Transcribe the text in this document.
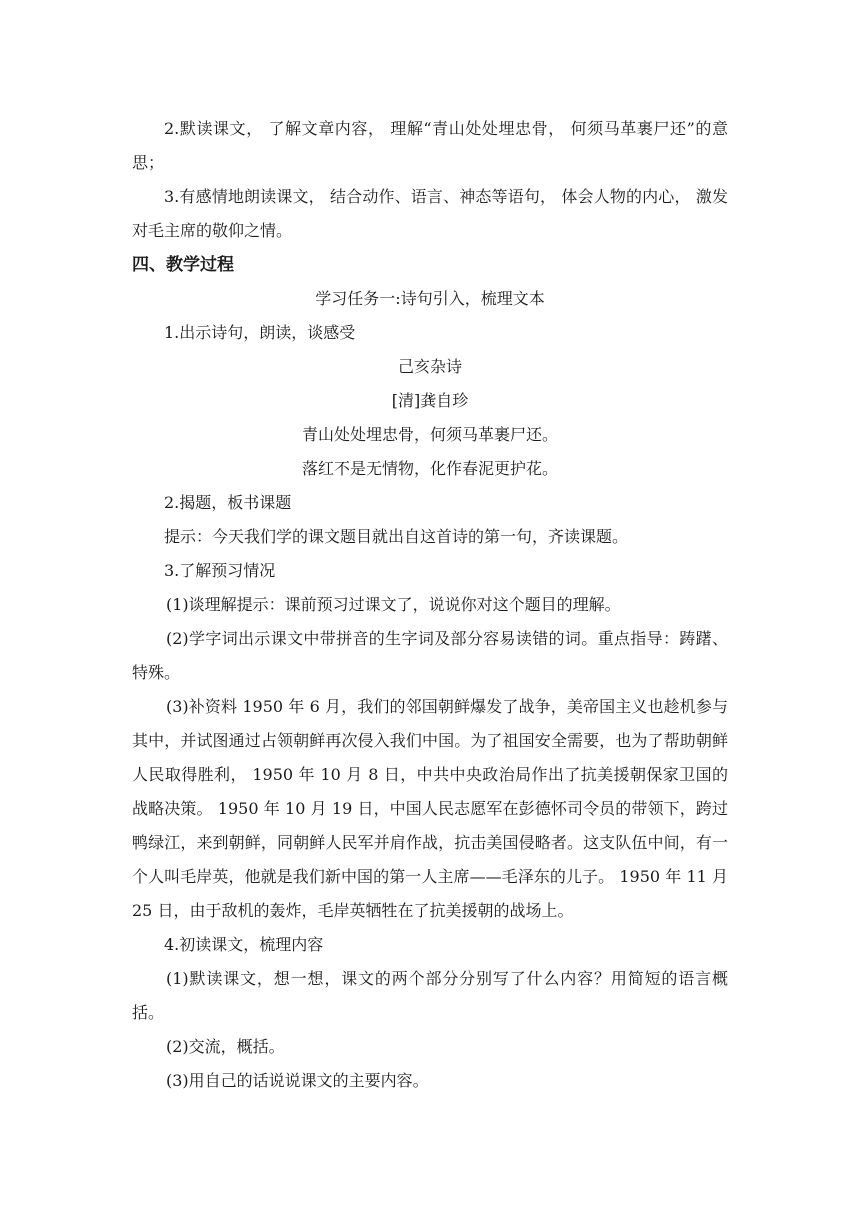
2.默读课文， 了解文章内容， 理解“青山处处埋忠骨， 何须马革裹尸还”的意思；

3.有感情地朗读课文， 结合动作、语言、神态等语句， 体会人物的内心， 激发对毛主席的敬仰之情。

四、教学过程

学习任务一:诗句引入，梳理文本

1.出示诗句，朗读，谈感受

己亥杂诗

[清]龚自珍

青山处处埋忠骨，何须马革裹尸还。

落红不是无情物，化作春泥更护花。

2.揭题，板书课题

提示：今天我们学的课文题目就出自这首诗的第一句，齐读课题。

3.了解预习情况

(1)谈理解提示：课前预习过课文了，说说你对这个题目的理解。

(2)学字词出示课文中带拼音的生字词及部分容易读错的词。重点指导：踌躇、特殊。

(3)补资料 1950 年 6 月，我们的邻国朝鲜爆发了战争，美帝国主义也趁机参与其中，并试图通过占领朝鲜再次侵入我们中国。为了祖国安全需要，也为了帮助朝鲜人民取得胜利， 1950 年 10 月 8 日，中共中央政治局作出了抗美援朝保家卫国的战略决策。 1950 年 10 月 19 日，中国人民志愿军在彭德怀司令员的带领下，跨过鸭绿江，来到朝鲜，同朝鲜人民军并肩作战，抗击美国侵略者。这支队伍中间，有一个人叫毛岸英，他就是我们新中国的第一人主席——毛泽东的儿子。 1950 年 11 月 25 日，由于敌机的轰炸，毛岸英牺牲在了抗美援朝的战场上。

4.初读课文，梳理内容

(1)默读课文，想一想，课文的两个部分分别写了什么内容？用简短的语言概括。

(2)交流，概括。

(3)用自己的话说说课文的主要内容。
